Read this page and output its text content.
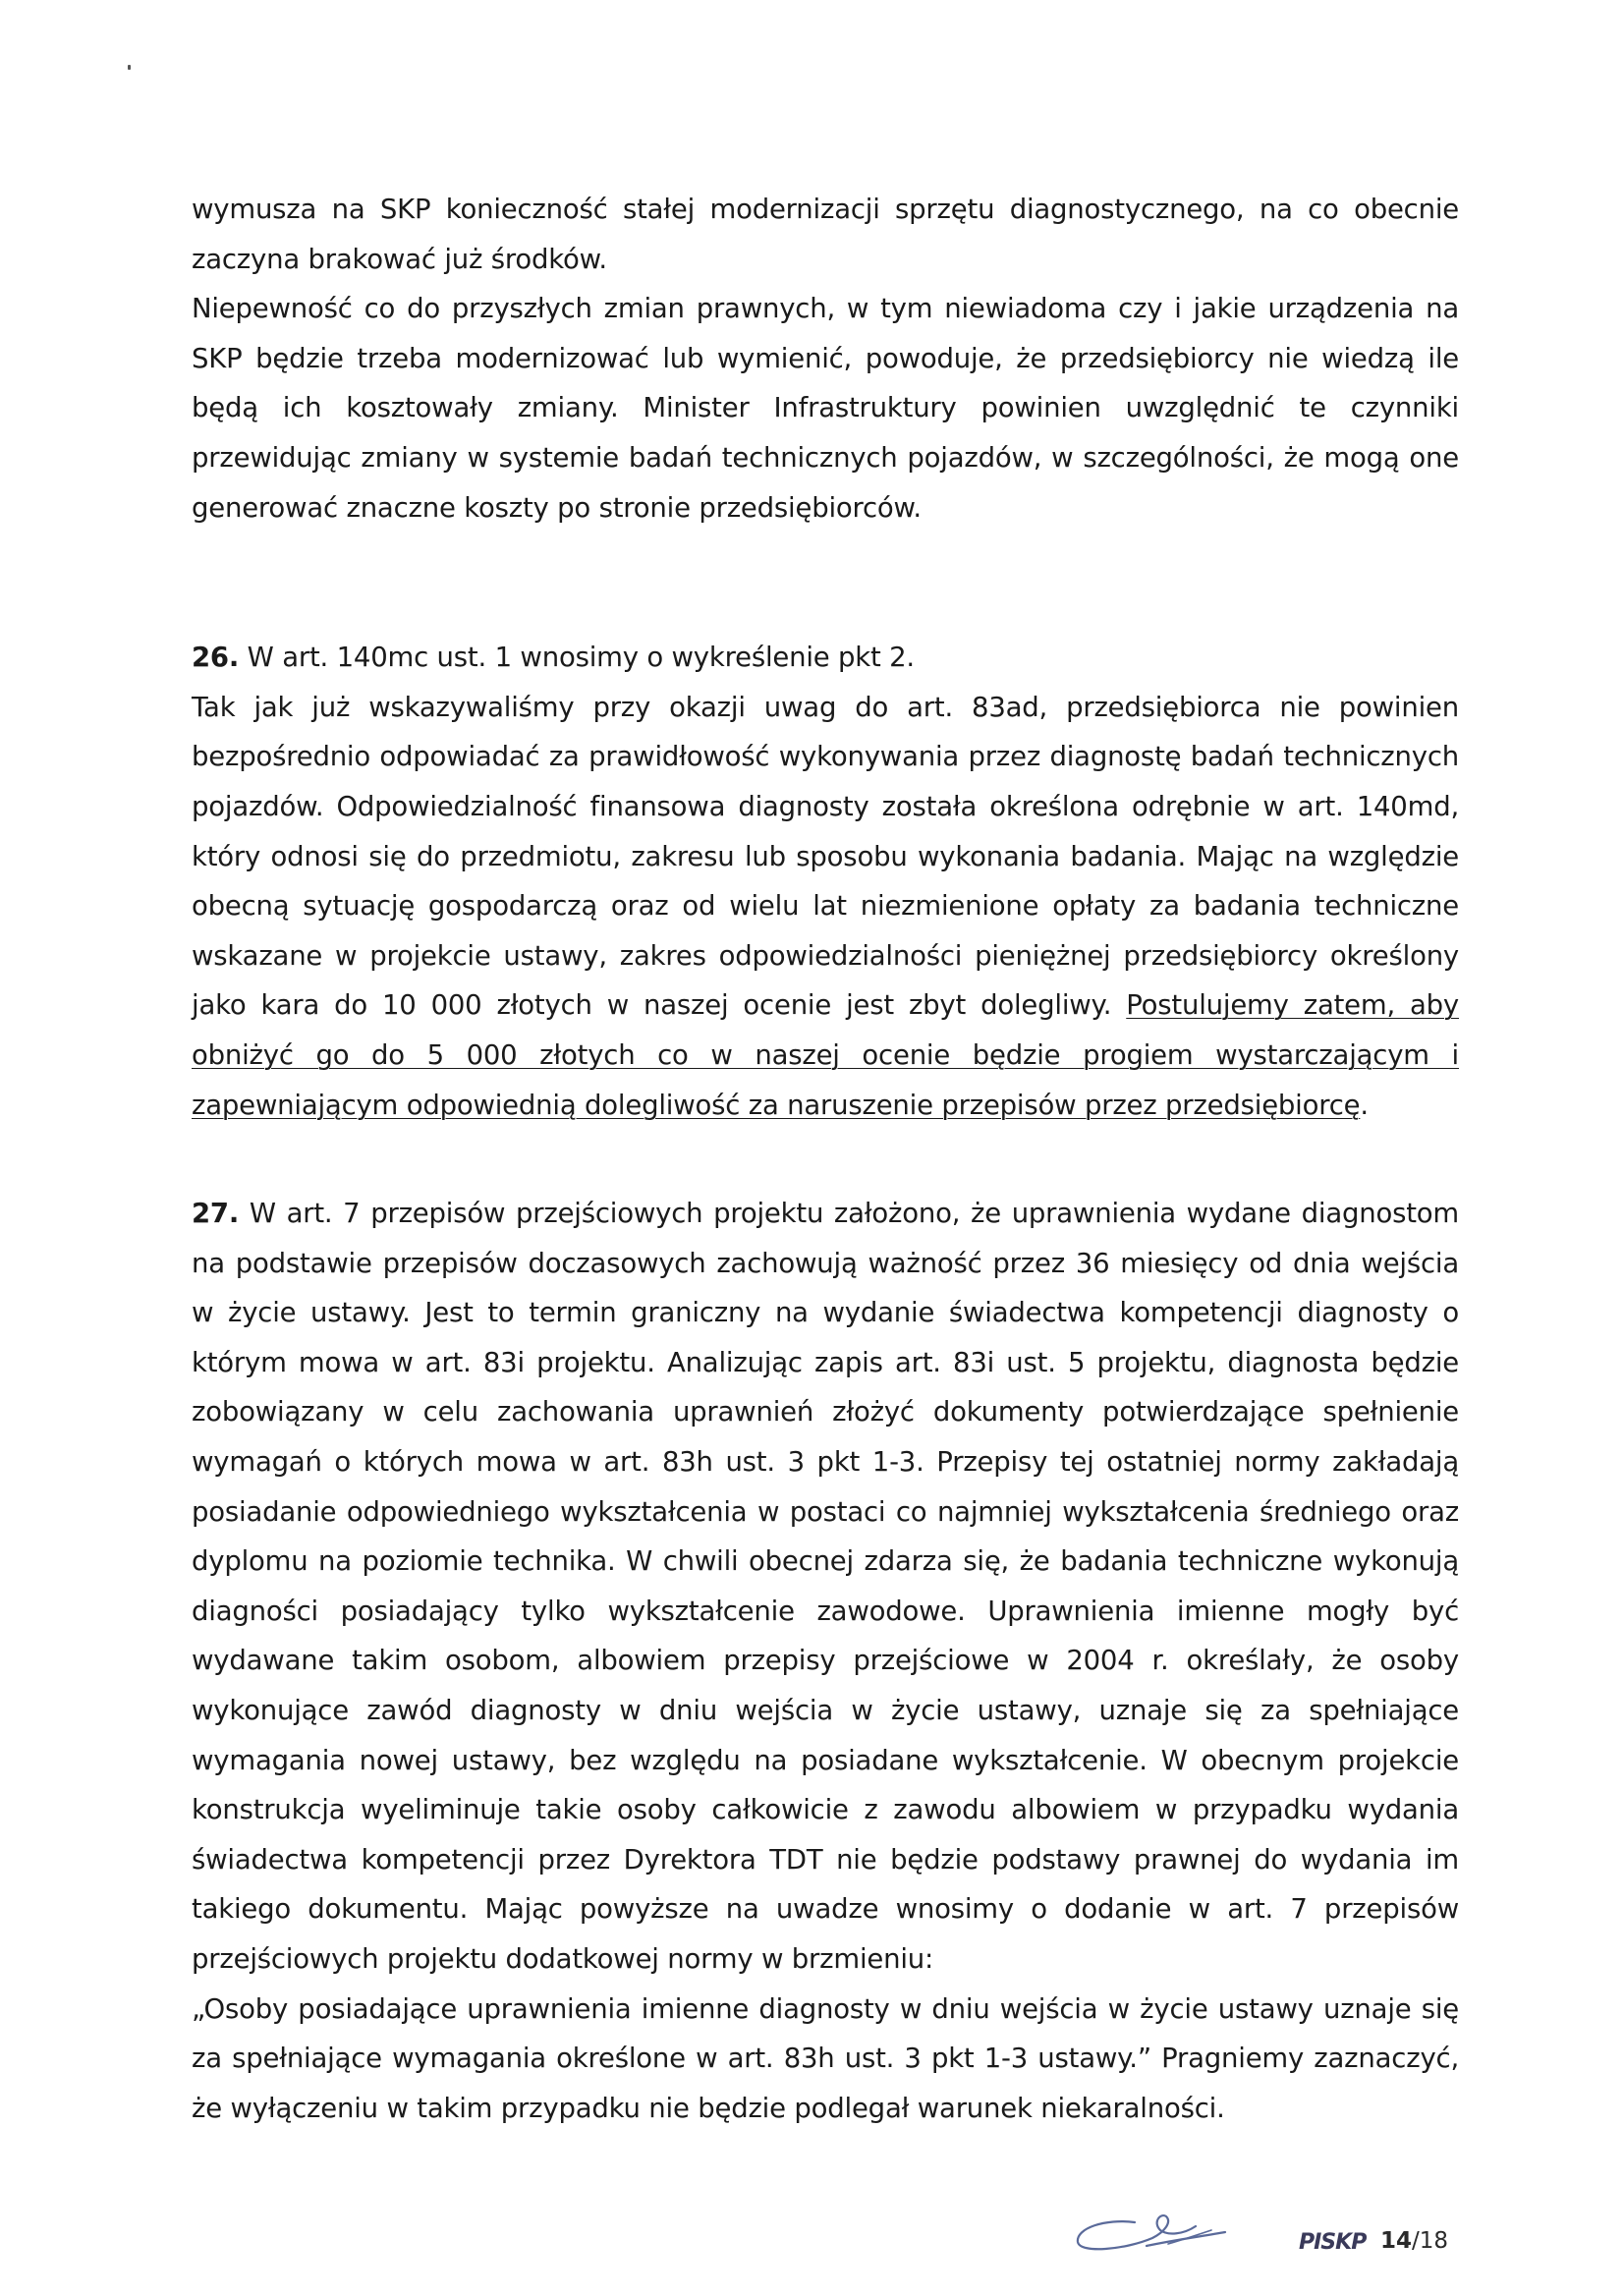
wymusza na SKP konieczność stałej modernizacji sprzętu diagnostycznego, na co obecnie zaczyna brakować już środków.

Niepewność co do przyszłych zmian prawnych, w tym niewiadoma czy i jakie urządzenia na SKP będzie trzeba modernizować lub wymienić, powoduje, że przedsiębiorcy nie wiedzą ile będą ich kosztowały zmiany. Minister Infrastruktury powinien uwzględnić te czynniki przewidując zmiany w systemie badań technicznych pojazdów, w szczególności, że mogą one generować znaczne koszty po stronie przedsiębiorców.

26. W art. 140mc ust. 1 wnosimy o wykreślenie pkt 2.

Tak jak już wskazywaliśmy przy okazji uwag do art. 83ad, przedsiębiorca nie powinien bezpośrednio odpowiadać za prawidłowość wykonywania przez diagnostę badań technicznych pojazdów. Odpowiedzialność finansowa diagnosty została określona odrębnie w art. 140md, który odnosi się do przedmiotu, zakresu lub sposobu wykonania badania. Mając na względzie obecną sytuację gospodarczą oraz od wielu lat niezmienione opłaty za badania techniczne wskazane w projekcie ustawy, zakres odpowiedzialności pieniężnej przedsiębiorcy określony jako kara do 10 000 złotych w naszej ocenie jest zbyt dolegliwy. Postulujemy zatem, aby obniżyć go do 5 000 złotych co w naszej ocenie będzie progiem wystarczającym i zapewniającym odpowiednią dolegliwość za naruszenie przepisów przez przedsiębiorcę.

27. W art. 7 przepisów przejściowych projektu założono, że uprawnienia wydane diagnostom na podstawie przepisów doczasowych zachowują ważność przez 36 miesięcy od dnia wejścia w życie ustawy. Jest to termin graniczny na wydanie świadectwa kompetencji diagnosty o którym mowa w art. 83i projektu. Analizując zapis art. 83i ust. 5 projektu, diagnosta będzie zobowiązany w celu zachowania uprawnień złożyć dokumenty potwierdzające spełnienie wymagań o których mowa w art. 83h ust. 3 pkt 1-3. Przepisy tej ostatniej normy zakładają posiadanie odpowiedniego wykształcenia w postaci co najmniej wykształcenia średniego oraz dyplomu na poziomie technika. W chwili obecnej zdarza się, że badania techniczne wykonują diagności posiadający tylko wykształcenie zawodowe. Uprawnienia imienne mogły być wydawane takim osobom, albowiem przepisy przejściowe w 2004 r. określały, że osoby wykonujące zawód diagnosty w dniu wejścia w życie ustawy, uznaje się za spełniające wymagania nowej ustawy, bez względu na posiadane wykształcenie. W obecnym projekcie konstrukcja wyeliminuje takie osoby całkowicie z zawodu albowiem w przypadku wydania świadectwa kompetencji przez Dyrektora TDT nie będzie podstawy prawnej do wydania im takiego dokumentu. Mając powyższe na uwadze wnosimy o dodanie w art. 7 przepisów przejściowych projektu dodatkowej normy w brzmieniu:

„Osoby posiadające uprawnienia imienne diagnosty w dniu wejścia w życie ustawy uznaje się za spełniające wymagania określone w art. 83h ust. 3 pkt 1-3 ustawy.” Pragniemy zaznaczyć, że wyłączeniu w takim przypadku nie będzie podlegał warunek niekaralności.

PISKP 14/18
